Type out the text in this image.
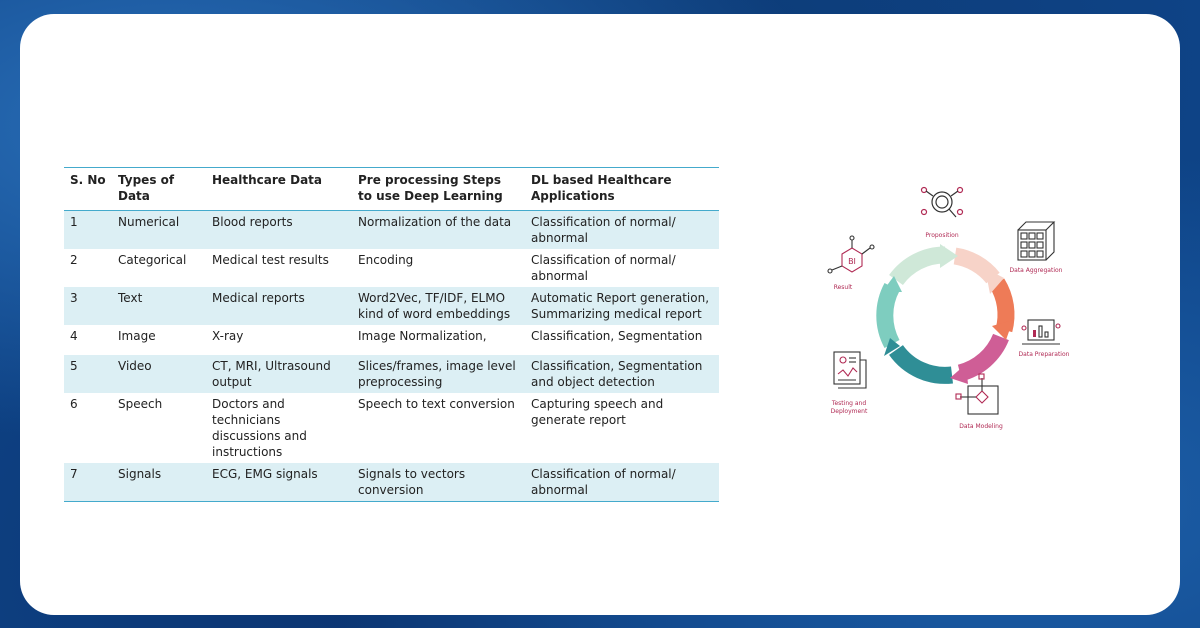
S. No	Types of Data	Healthcare Data	Pre processing Steps to use Deep Learning	DL based Healthcare Applications
1	Numerical	Blood reports	Normalization of the data	Classification of normal/ abnormal
2	Categorical	Medical test results	Encoding	Classification of normal/ abnormal
3	Text	Medical reports	Word2Vec, TF/IDF, ELMO kind of word embeddings	Automatic Report generation, Summarizing medical report
4	Image	X-ray	Image Normalization,	Classification, Segmentation
5	Video	CT, MRI, Ultrasound output	Slices/frames, image level preprocessing	Classification, Segmentation and object detection
6	Speech	Doctors and technicians discussions and instructions	Speech to text conversion	Capturing speech and generate report
7	Signals	ECG, EMG signals	Signals to vectors conversion	Classification of normal/ abnormal
BI
Proposition
Data Aggregation
Data Preparation
Data Modeling
Testing and
Deployment
Result
